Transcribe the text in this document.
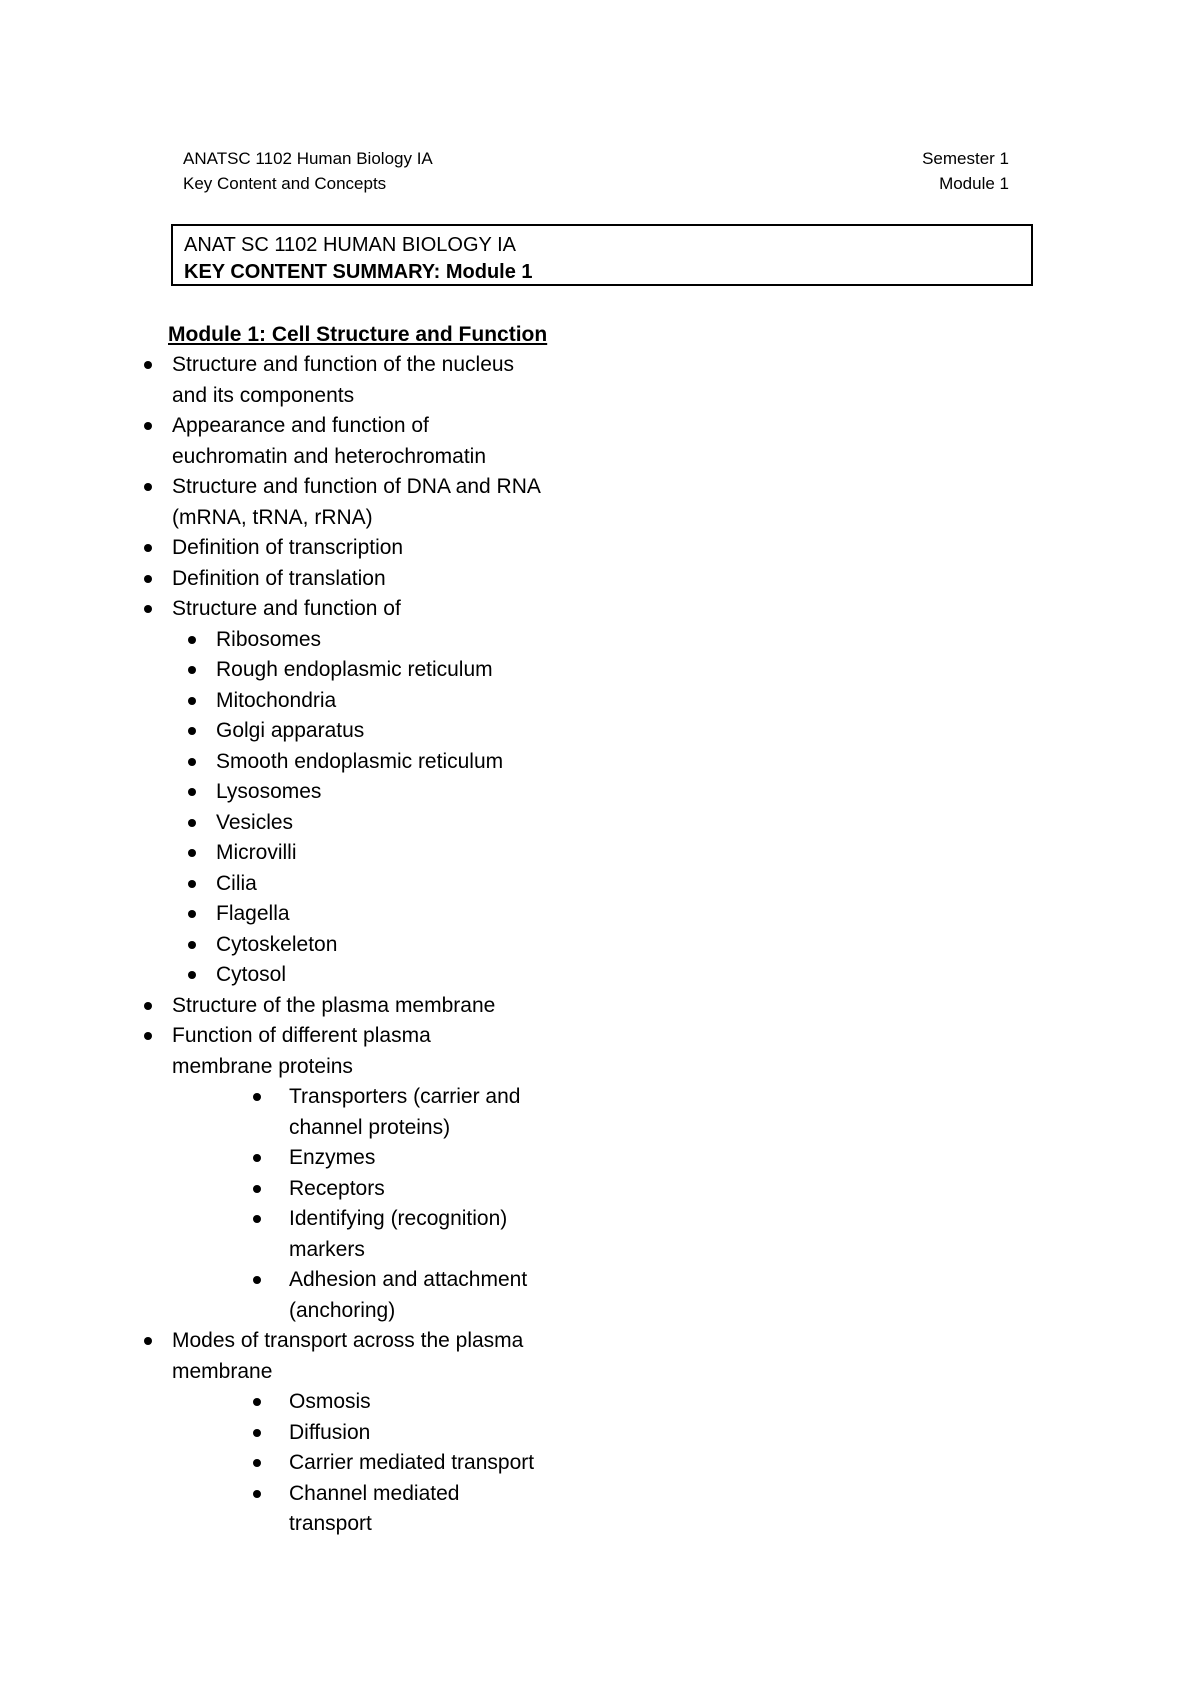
ANATSC 1102 Human Biology IA
Key Content and Concepts
Semester 1
Module 1
ANAT SC 1102 HUMAN BIOLOGY IA
KEY CONTENT SUMMARY: Module 1
Module 1: Cell Structure and Function
Structure and function of the nucleus
and its components
Appearance and function of
euchromatin and heterochromatin
Structure and function of DNA and RNA
(mRNA, tRNA, rRNA)
Definition of transcription
Definition of translation
Structure and function of
Ribosomes
Rough endoplasmic reticulum
Mitochondria
Golgi apparatus
Smooth endoplasmic reticulum
Lysosomes
Vesicles
Microvilli
Cilia
Flagella
Cytoskeleton
Cytosol
Structure of the plasma membrane
Function of different plasma
membrane proteins
Transporters (carrier and
channel proteins)
Enzymes
Receptors
Identifying (recognition)
markers
Adhesion and attachment
(anchoring)
Modes of transport across the plasma
membrane
Osmosis
Diffusion
Carrier mediated transport
Channel mediated
transport
